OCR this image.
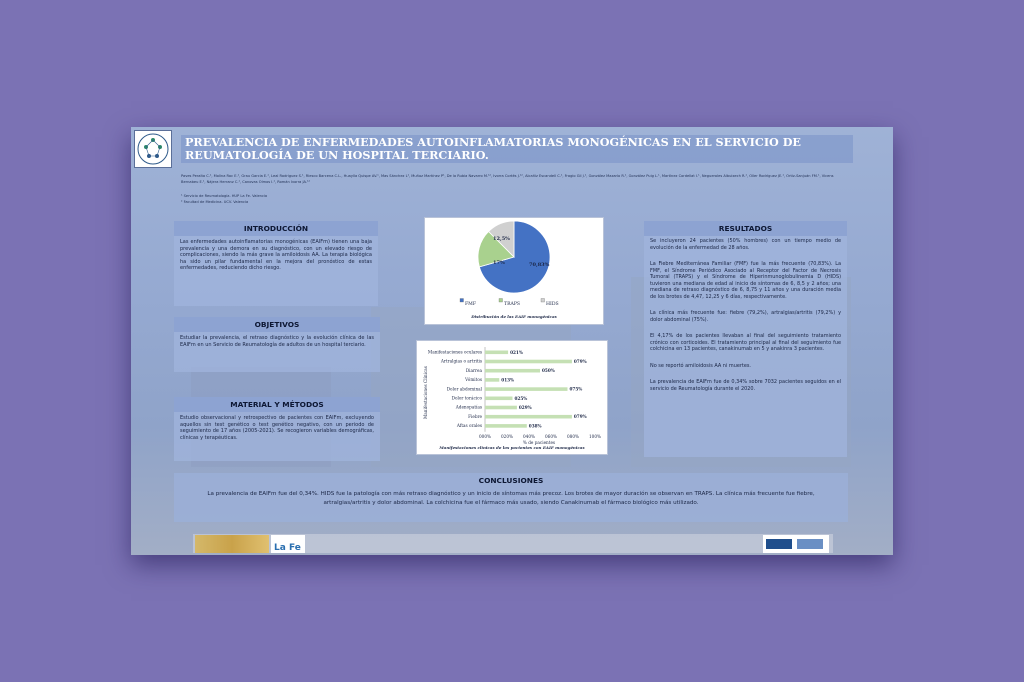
PREVALENCIA DE ENFERMEDADES AUTOINFLAMATORIAS MONOGÉNICAS EN EL SERVICIO DE REUMATOLOGÍA DE UN HOSPITAL TERCIARIO.
Paves Peralta C.¹, Molina Roc E.¹, Grau Garcia E.¹, Leal Rodriguez S.¹, Riesco Barcena C.L., Huaylla Quispe AV.¹, Mas Sánchez L¹, Muñoz Martínez P¹, De la Rubia Navarro M.¹², Ivorra Cortés J.¹², Alcañiz Escandell C.¹, Fragio Gil J.¹, González Mazarío R.¹, González Puig L.¹, Martínez Cordellat I.¹, Negueroles Albuixech R.¹, Oller Rodríguez JE.¹, Ortiz-Sanjuán FM.¹, Vicens Bernabeu E.¹, Nájera Herranz C.¹, Canovas Olmos I.¹, Román Ivorra JA.¹²
¹ Servicio de Reumatología. HUP La Fe. Valencia
² Facultad de Medicina. UCV. Valencia
INTRODUCCIÓN

Las enfermedades autoinflamatorias monogénicas (EAIFm) tienen una baja prevalencia y una demora en su diagnóstico, con un elevado riesgo de complicaciones, siendo la más grave la amiloidosis AA. La terapia biológica ha sido un pilar fundamental en la mejora del pronóstico de estas enfermedades, reduciendo dicho riesgo.

OBJETIVOS

Estudiar la prevalencia, el retraso diagnóstico y la evolución clínica de las EAIFm en un Servicio de Reumatología de adultos de un hospital terciario.

MATERIAL Y MÉTODOS

Estudio observacional y retrospectivo de pacientes con EAIFm, excluyendo aquellos sin test genético o test genético negativo, con un periodo de seguimiento de 17 años (2005-2021). Se recogieron variables demográficas, clínicas y terapéuticas.

70,83%
17%
12,5%
FMF	TRAPS	HIDS

Distribución de las EAIF monogénicas

Manifestaciones Clínicas
Manifestaciones oculares	021%
Artralgias o artritis	079%
Diarrea	050%
Vómitos	013%
Dolor abdominal	075%
Dolor torácico	025%
Adenopatías	029%
Fiebre	079%
Aftas orales	038%
000% 020% 040% 060% 080% 100%
% de pacientes

Manifestaciones clínicas de los pacientes con EAIF monogénicas

RESULTADOS

Se incluyeron 24 pacientes (50% hombres) con un tiempo medio de evolución de la enfermedad de 28 años.

La Fiebre Mediterránea Familiar (FMF) fue la más frecuente (70,83%). La FMF, el Síndrome Periódico Asociado al Receptor del Factor de Necrosis Tumoral (TRAPS) y el Síndrome de Hiperinmunoglobulinemia D (HIDS) tuvieron una mediana de edad al inicio de síntomas de 6, 8,5 y 2 años; una mediana de retraso diagnóstico de 6, 8,75 y 11 años y una duración media de los brotes de 4,47, 12,25 y 6 días, respectivamente.

La clínica más frecuente fue: fiebre (79,2%), artralgias/artritis (79,2%) y dolor abdominal (75%).

El 4,17% de los pacientes llevaban al final del seguimiento tratamiento crónico con corticoides. El tratamiento principal al final del seguimiento fue colchicina en 13 pacientes, canakinumab en 5 y anakinra 3 pacientes.

No se reportó amiloidosis AA ni muertes.

La prevalencia de EAIFm fue de 0,34% sobre 7032 pacientes seguidos en el servicio de Reumatología durante el 2020.

CONCLUSIONES

La prevalencia de EAIFm fue del 0,34%. HIDS fue la patología con más retraso diagnóstico y un inicio de síntomas más precoz. Los brotes de mayor duración se observan en TRAPS. La clínica más frecuente fue fiebre, artralgias/artritis y dolor abdominal. La colchicina fue el fármaco más usado, siendo Canakinumab el fármaco biológico más utilizado.

La Fe
